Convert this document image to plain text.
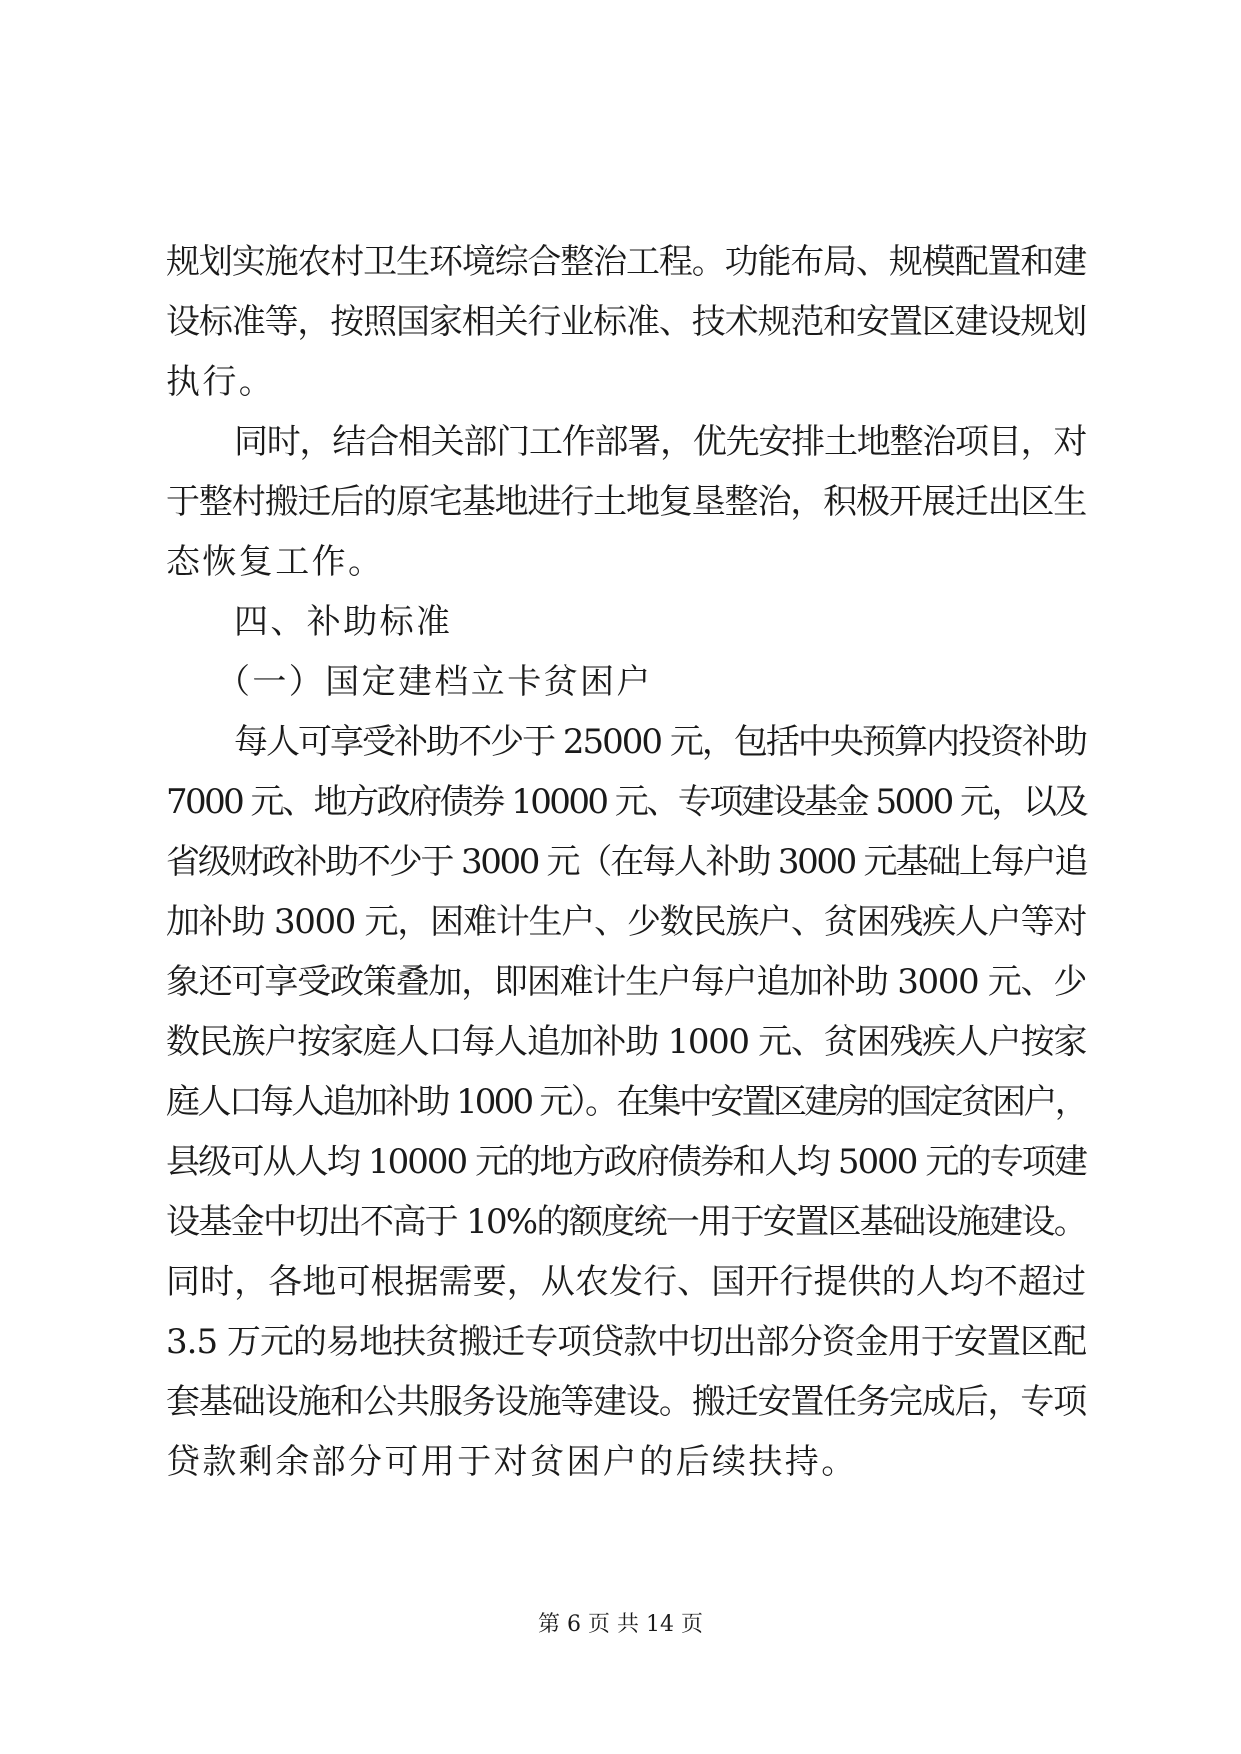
规划实施农村卫生环境综合整治工程。功能布局、规模配置和建
设标准等，按照国家相关行业标准、技术规范和安置区建设规划
执行。
同时，结合相关部门工作部署，优先安排土地整治项目，对
于整村搬迁后的原宅基地进行土地复垦整治，积极开展迁出区生
态恢复工作。
四、补助标准
（一）国定建档立卡贫困户
每人可享受补助不少于 25000 元，包括中央预算内投资补助
7000 元、地方政府债券 10000 元、专项建设基金 5000 元，以及
省级财政补助不少于 3000 元（在每人补助 3000 元基础上每户追
加补助 3000 元，困难计生户、少数民族户、贫困残疾人户等对
象还可享受政策叠加，即困难计生户每户追加补助 3000 元、少
数民族户按家庭人口每人追加补助 1000 元、贫困残疾人户按家
庭人口每人追加补助 1000 元）。在集中安置区建房的国定贫困户，
县级可从人均 10000 元的地方政府债券和人均 5000 元的专项建
设基金中切出不高于 10%的额度统一用于安置区基础设施建设。
同时，各地可根据需要，从农发行、国开行提供的人均不超过
3.5 万元的易地扶贫搬迁专项贷款中切出部分资金用于安置区配
套基础设施和公共服务设施等建设。搬迁安置任务完成后，专项
贷款剩余部分可用于对贫困户的后续扶持。
第 6 页 共 14 页
